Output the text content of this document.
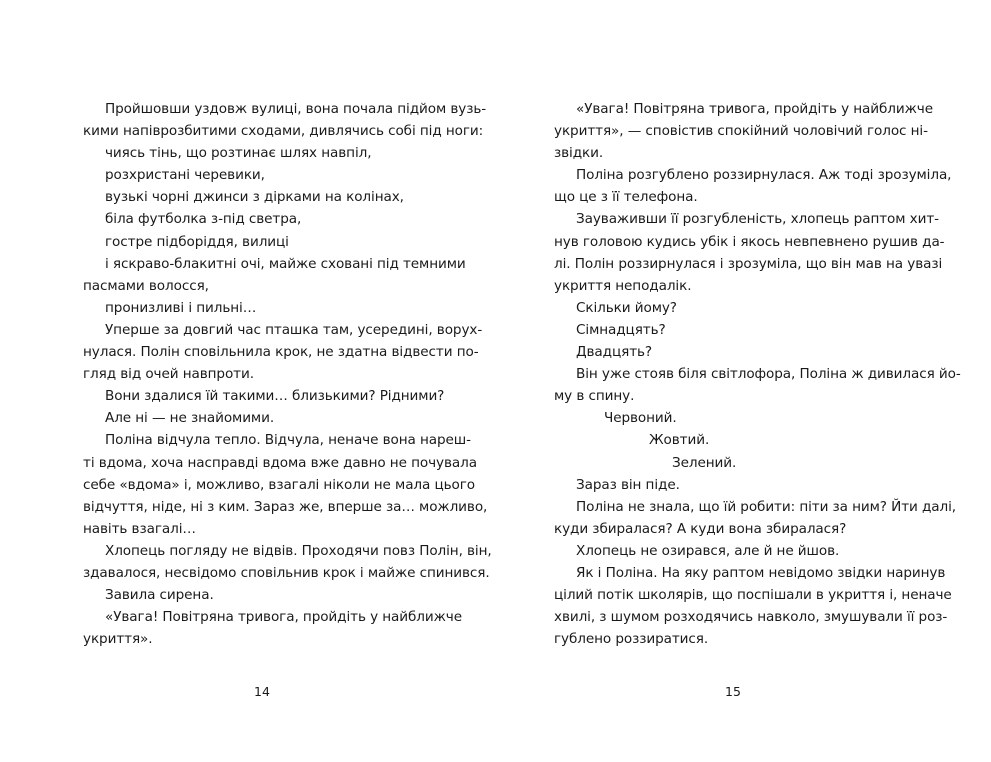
Пройшовши уздовж вулиці, вона почала підйом вузь-
кими напіврозбитими сходами, дивлячись собі під ноги:
чиясь тінь, що розтинає шлях навпіл,
розхристані черевики,
вузькі чорні джинси з дірками на колінах,
біла футболка з-під светра,
гостре підборіддя, вилиці
і яскраво-блакитні очі, майже сховані під темними
пасмами волосся,
пронизливі і пильні…
Уперше за довгий час пташка там, усередині, ворух-
нулася. Полін сповільнила крок, не здатна відвести по-
гляд від очей навпроти.
Вони здалися їй такими… близькими? Рідними?
Але ні — не знайомими.
Поліна відчула тепло. Відчула, неначе вона нареш-
ті вдома, хоча насправді вдома вже давно не почувала
себе «вдома» і, можливо, взагалі ніколи не мала цього
відчуття, ніде, ні з ким. Зараз же, вперше за… можливо,
навіть взагалі…
Хлопець погляду не відвів. Проходячи повз Полін, він,
здавалося, несвідомо сповільнив крок і майже спинився.
Завила сирена.
«Увага! Повітряна тривога, пройдіть у найближче
укриття».
14
«Увага! Повітряна тривога, пройдіть у найближче
укриття», — сповістив спокійний чоловічий голос ні-
звідки.
Поліна розгублено роззирнулася. Аж тоді зрозуміла,
що це з її телефона.
Зауваживши її розгубленість, хлопець раптом хит-
нув головою кудись убік і якось невпевнено рушив да-
лі. Полін роззирнулася і зрозуміла, що він мав на увазі
укриття неподалік.
Скільки йому?
Сімнадцять?
Двадцять?
Він уже стояв біля світлофора, Поліна ж дивилася йо-
му в спину.
Червоний.
Жовтий.
Зелений.
Зараз він піде.
Поліна не знала, що їй робити: піти за ним? Йти далі,
куди збиралася? А куди вона збиралася?
Хлопець не озирався, але й не йшов.
Як і Поліна. На яку раптом невідомо звідки наринув
цілий потік школярів, що поспішали в укриття і, неначе
хвилі, з шумом розходячись навколо, змушували її роз-
гублено роззиратися.
15
